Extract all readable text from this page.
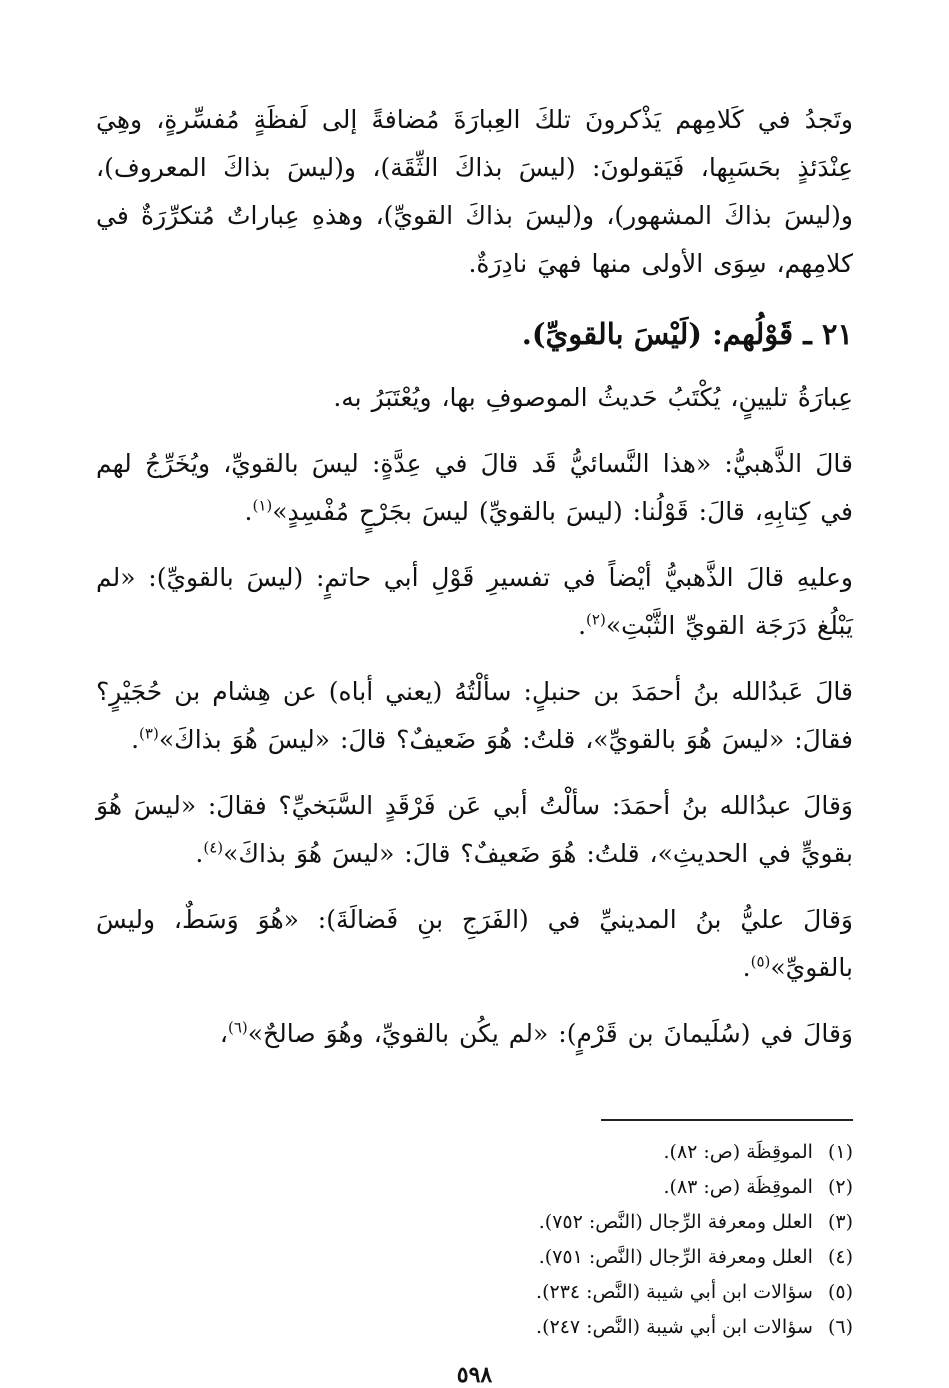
وتَجدُ في كَلامِهم يَذْكرونَ تلكَ العِبارَةَ مُضافةً إلى لَفظَةٍ مُفسِّرةٍ، وهِيَ عِنْدَئذٍ بحَسَبِها، فَيَقولونَ: (ليسَ بذاكَ الثِّقَة)، و(ليسَ بذاكَ المعروف)، و(ليسَ بذاكَ المشهور)، و(ليسَ بذاكَ القويِّ)، وهذهِ عِباراتٌ مُتكرِّرَةٌ في كلامِهم، سِوَى الأولى منها فهيَ نادِرَةٌ.

٢١ ـ قَوْلُهم: (لَيْسَ بالقويِّ).

عِبارَةُ تليينٍ، يُكْتَبُ حَديثُ الموصوفِ بها، ويُعْتَبَرُ به.

قالَ الذَّهبيُّ: «هذا النَّسائيُّ قَد قالَ في عِدَّةٍ: ليسَ بالقويِّ، ويُخَرِّجُ لهم في كِتابِهِ، قالَ: قَوْلُنا: (ليسَ بالقويِّ) ليسَ بجَرْحٍ مُفْسِدٍ»$^{(١)}$.

وعليهِ قالَ الذَّهبيُّ أيْضاً في تفسيرِ قَوْلِ أبي حاتمٍ: (ليسَ بالقويِّ): «لم يَبْلُغ دَرَجَة القويِّ الثَّبْتِ»$^{(٢)}$.

قالَ عَبدُالله بنُ أحمَدَ بن حنبلٍ: سألْتُهُ (يعني أباه) عن هِشام بن حُجَيْرٍ؟ فقالَ: «ليسَ هُوَ بالقويِّ»، قلتُ: هُوَ ضَعيفٌ؟ قالَ: «ليسَ هُوَ بذاكَ»$^{(٣)}$.

وَقالَ عبدُالله بنُ أحمَدَ: سألْتُ أبي عَن فَرْقَدٍ السَّبَخيِّ؟ فقالَ: «ليسَ هُوَ بقويٍّ في الحديثِ»، قلتُ: هُوَ ضَعيفٌ؟ قالَ: «ليسَ هُوَ بذاكَ»$^{(٤)}$.

وَقالَ عليُّ بنُ المدينيِّ في (الفَرَجِ بنِ فَضالَةَ): «هُوَ وَسَطٌ، وليسَ بالقويِّ»$^{(٥)}$.

وَقالَ في (سُلَيمانَ بن قَرْمٍ): «لم يكُن بالقويِّ، وهُوَ صالحٌ»$^{(٦)}$،

(١) الموقِظَة (ص: ٨٢).
(٢) الموقِظَة (ص: ٨٣).
(٣) العلل ومعرفة الرِّجال (النَّص: ٧٥٢).
(٤) العلل ومعرفة الرِّجال (النَّص: ٧٥١).
(٥) سؤالات ابن أبي شيبة (النَّص: ٢٣٤).
(٦) سؤالات ابن أبي شيبة (النَّص: ٢٤٧).
٥٩٨
